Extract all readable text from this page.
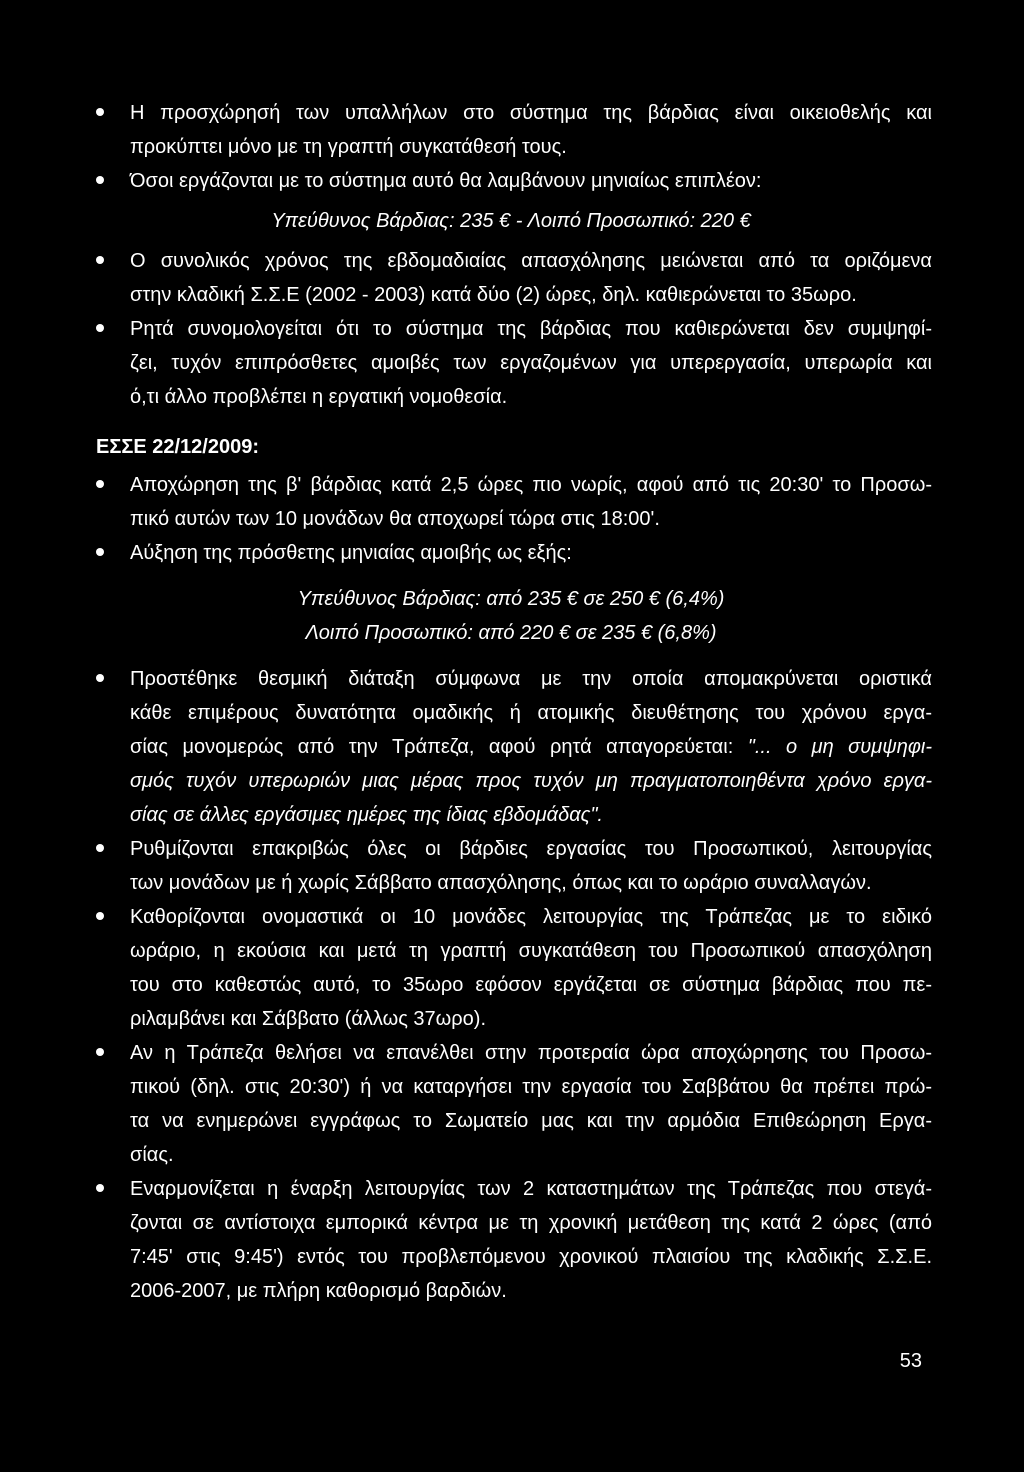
Η προσχώρησή των υπαλλήλων στο σύστημα της βάρδιας είναι οικειοθελής και
προκύπτει μόνο με τη γραπτή συγκατάθεσή τους.
Όσοι εργάζονται με το σύστημα αυτό θα λαμβάνουν μηνιαίως επιπλέον:
Υπεύθυνος Βάρδιας: 235 € - Λοιπό Προσωπικό: 220 €
Ο συνολικός χρόνος της εβδομαδιαίας απασχόλησης μειώνεται από τα οριζόμενα
στην κλαδική Σ.Σ.Ε (2002 - 2003) κατά δύο (2) ώρες, δηλ. καθιερώνεται το 35ωρο.
Ρητά συνομολογείται ότι το σύστημα της βάρδιας που καθιερώνεται δεν συμψηφί-
ζει, τυχόν επιπρόσθετες αμοιβές των εργαζομένων για υπερεργασία, υπερωρία και
ό,τι άλλο προβλέπει η εργατική νομοθεσία.
ΕΣΣΕ 22/12/2009:
Αποχώρηση της β' βάρδιας κατά 2,5 ώρες πιο νωρίς, αφού από τις 20:30' το Προσω-
πικό αυτών των 10 μονάδων θα αποχωρεί τώρα στις 18:00'.
Αύξηση της πρόσθετης μηνιαίας αμοιβής ως εξής:
Υπεύθυνος Βάρδιας: από 235 € σε 250 € (6,4%)
Λοιπό Προσωπικό: από 220 € σε 235 € (6,8%)
Προστέθηκε θεσμική διάταξη σύμφωνα με την οποία απομακρύνεται οριστικά
κάθε επιμέρους δυνατότητα ομαδικής ή ατομικής διευθέτησης του χρόνου εργα-
σίας μονομερώς από την Τράπεζα, αφού ρητά απαγορεύεται: "... ο μη συμψηφι-
σμός τυχόν υπερωριών μιας μέρας προς τυχόν μη πραγματοποιηθέντα χρόνο εργα-
σίας σε άλλες εργάσιμες ημέρες της ίδιας εβδομάδας".
Ρυθμίζονται επακριβώς όλες οι βάρδιες εργασίας του Προσωπικού, λειτουργίας
των μονάδων με ή χωρίς Σάββατο απασχόλησης, όπως και το ωράριο συναλλαγών.
Καθορίζονται ονομαστικά οι 10 μονάδες λειτουργίας της Τράπεζας με το ειδικό
ωράριο, η εκούσια και μετά τη γραπτή συγκατάθεση του Προσωπικού απασχόληση
του στο καθεστώς αυτό, το 35ωρο εφόσον εργάζεται σε σύστημα βάρδιας που πε-
ριλαμβάνει και Σάββατο (άλλως 37ωρο).
Αν η Τράπεζα θελήσει να επανέλθει στην προτεραία ώρα αποχώρησης του Προσω-
πικού (δηλ. στις 20:30') ή να καταργήσει την εργασία του Σαββάτου θα πρέπει πρώ-
τα να ενημερώνει εγγράφως το Σωματείο μας και την αρμόδια Επιθεώρηση Εργα-
σίας.
Εναρμονίζεται η έναρξη λειτουργίας των 2 καταστημάτων της Τράπεζας που στεγά-
ζονται σε αντίστοιχα εμπορικά κέντρα με τη χρονική μετάθεση της κατά 2 ώρες (από
7:45' στις 9:45') εντός του προβλεπόμενου χρονικού πλαισίου της κλαδικής Σ.Σ.Ε.
2006-2007, με πλήρη καθορισμό βαρδιών.
53
